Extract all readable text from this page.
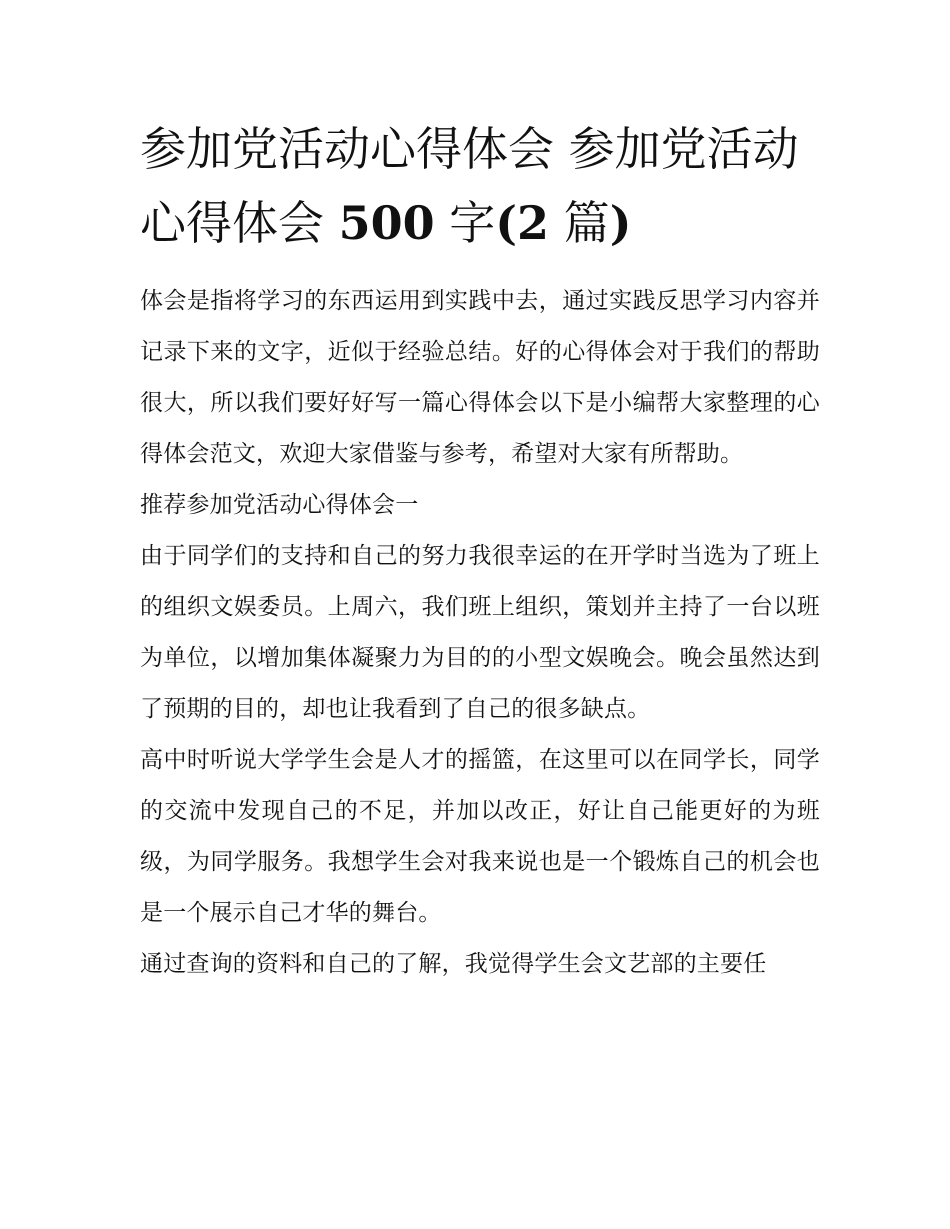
参加党活动心得体会 参加党活动心得体会 500 字(2 篇)

体会是指将学习的东西运用到实践中去，通过实践反思学习内容并记录下来的文字，近似于经验总结。好的心得体会对于我们的帮助很大，所以我们要好好写一篇心得体会以下是小编帮大家整理的心得体会范文，欢迎大家借鉴与参考，希望对大家有所帮助。

推荐参加党活动心得体会一

由于同学们的支持和自己的努力我很幸运的在开学时当选为了班上的组织文娱委员。上周六，我们班上组织，策划并主持了一台以班为单位，以增加集体凝聚力为目的的小型文娱晚会。晚会虽然达到了预期的目的，却也让我看到了自己的很多缺点。

高中时听说大学学生会是人才的摇篮，在这里可以在同学长，同学的交流中发现自己的不足，并加以改正，好让自己能更好的为班级，为同学服务。我想学生会对我来说也是一个锻炼自己的机会也是一个展示自己才华的舞台。

通过查询的资料和自己的了解，我觉得学生会文艺部的主要任
